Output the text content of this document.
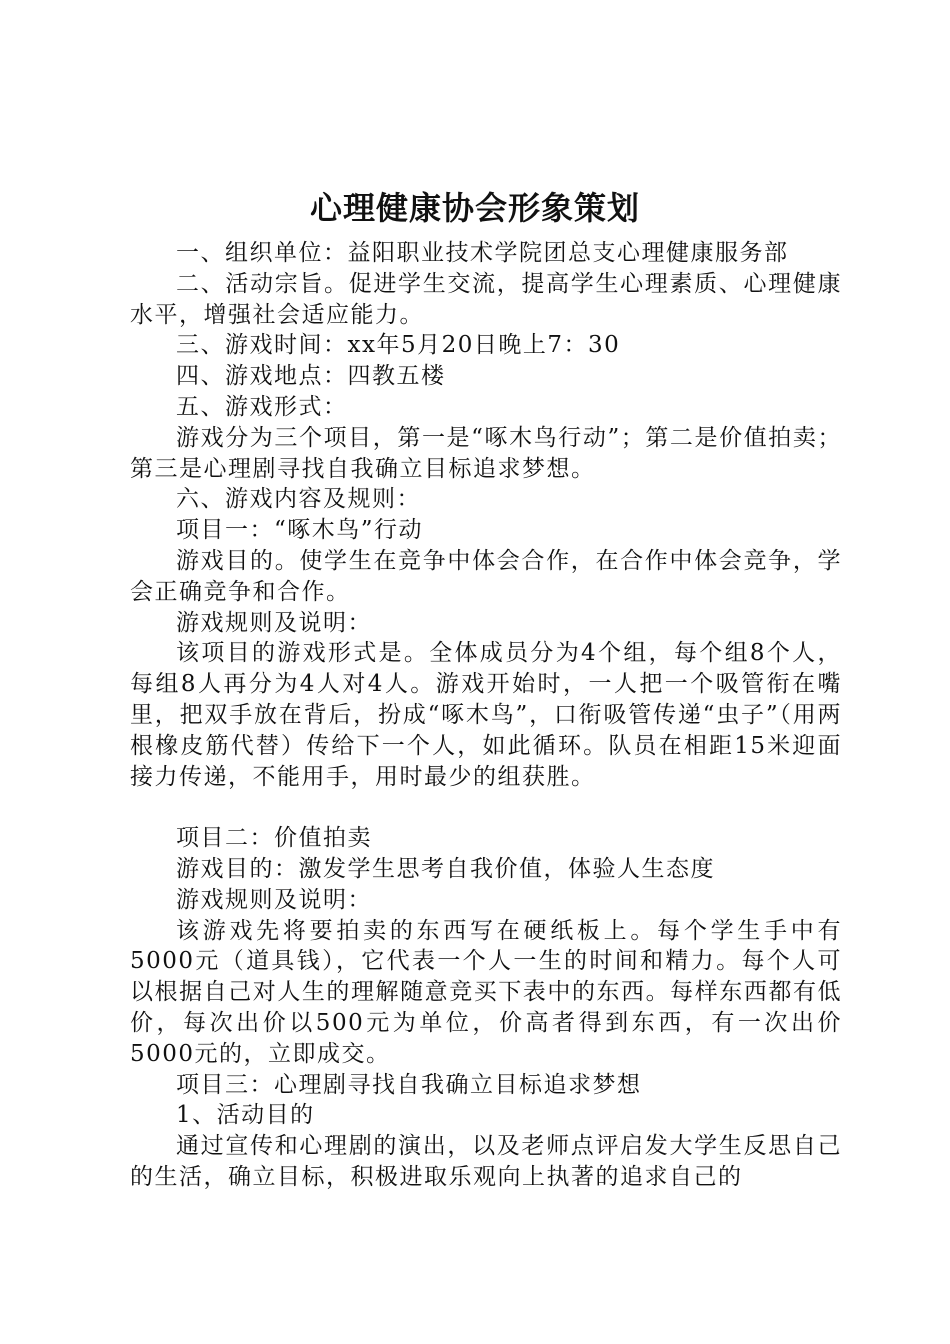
心理健康协会形象策划

一、组织单位：益阳职业技术学院团总支心理健康服务部

二、活动宗旨。促进学生交流，提高学生心理素质、心理健康水平，增强社会适应能力。

三、游戏时间：xx年5月20日晚上7：30

四、游戏地点：四教五楼

五、游戏形式：

游戏分为三个项目，第一是“啄木鸟行动”；第二是价值拍卖；第三是心理剧寻找自我确立目标追求梦想。

六、游戏内容及规则：

项目一：“啄木鸟”行动

游戏目的。使学生在竞争中体会合作，在合作中体会竞争，学会正确竞争和合作。

游戏规则及说明：

该项目的游戏形式是。全体成员分为4个组，每个组8个人，每组8人再分为4人对4人。游戏开始时，一人把一个吸管衔在嘴里，把双手放在背后，扮成“啄木鸟”，口衔吸管传递“虫子”（用两根橡皮筋代替）传给下一个人，如此循环。队员在相距15米迎面接力传递，不能用手，用时最少的组获胜。

项目二：价值拍卖

游戏目的：激发学生思考自我价值，体验人生态度

游戏规则及说明：

该游戏先将要拍卖的东西写在硬纸板上。每个学生手中有5000元（道具钱），它代表一个人一生的时间和精力。每个人可以根据自己对人生的理解随意竞买下表中的东西。每样东西都有低价，每次出价以500元为单位，价高者得到东西，有一次出价5000元的，立即成交。

项目三：心理剧寻找自我确立目标追求梦想

1、活动目的

通过宣传和心理剧的演出，以及老师点评启发大学生反思自己的生活，确立目标，积极进取乐观向上执著的追求自己的
